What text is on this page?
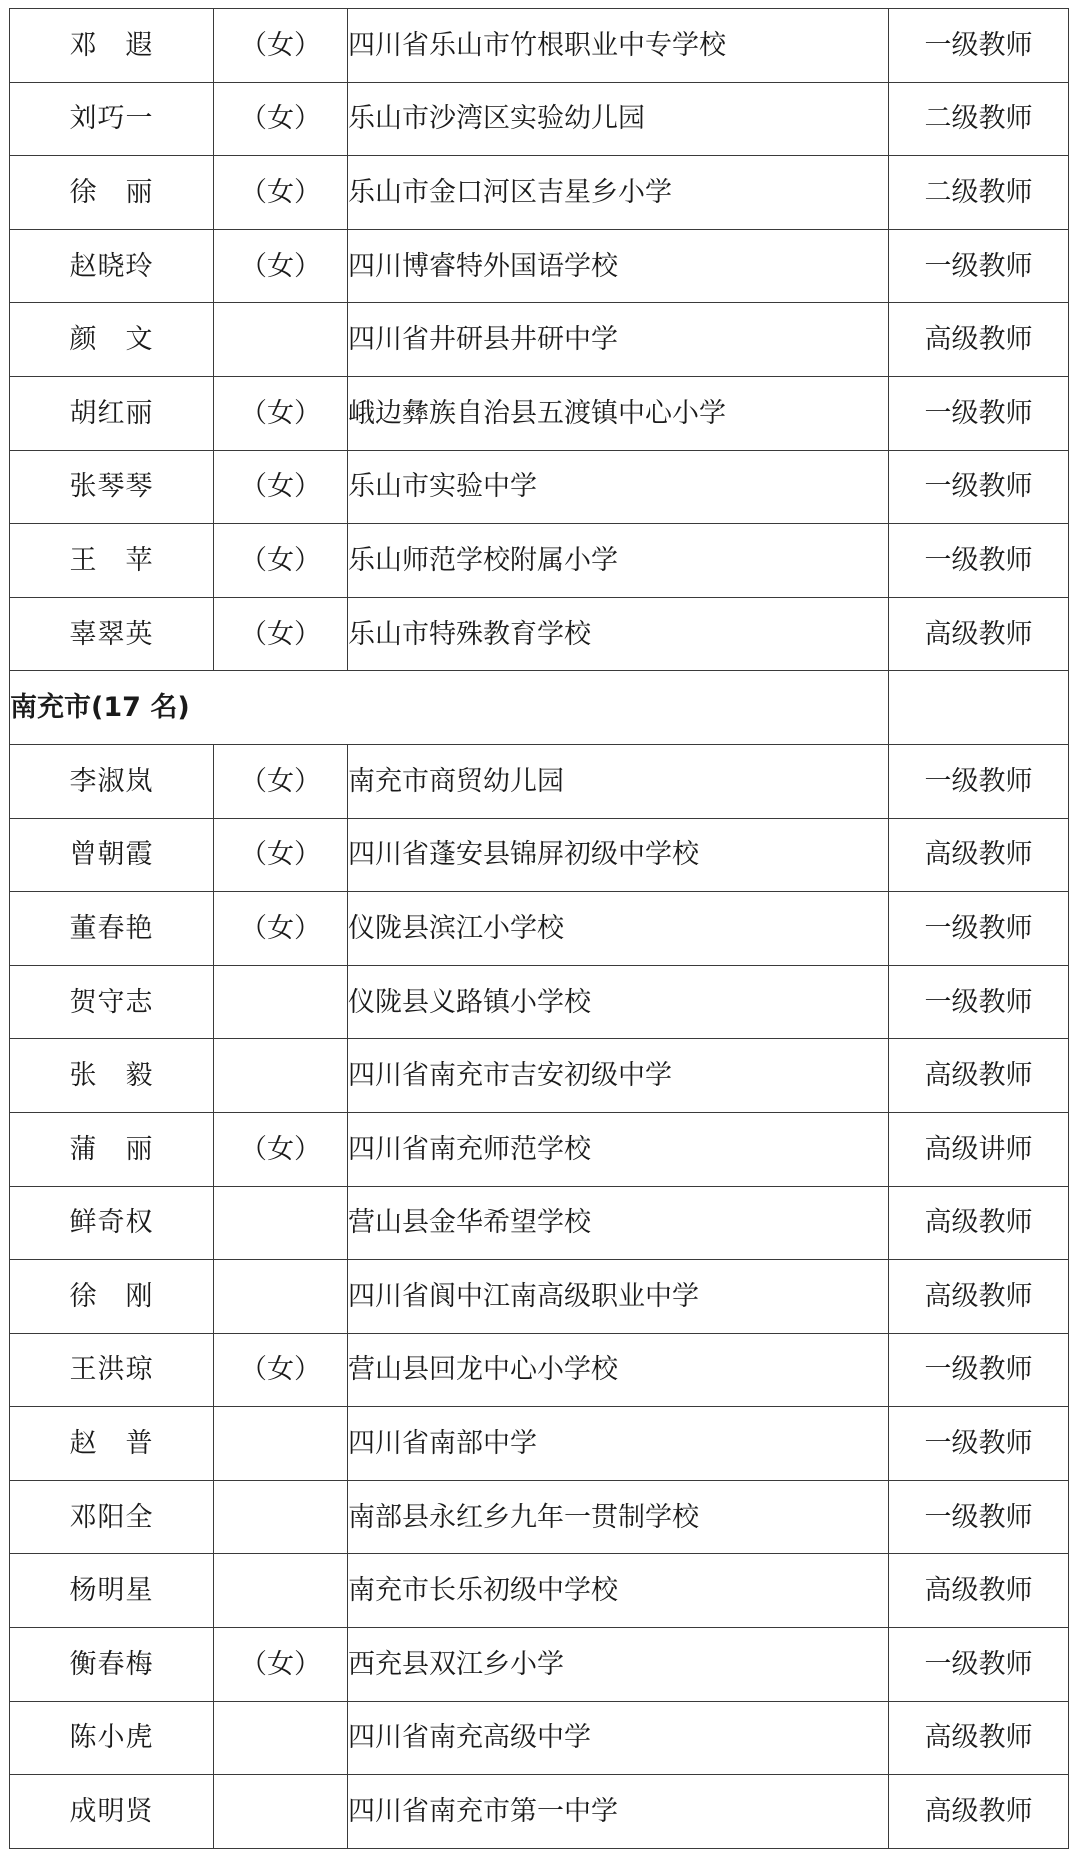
邓　遐	（女）	四川省乐山市竹根职业中专学校	一级教师
刘巧一	（女）	乐山市沙湾区实验幼儿园	二级教师
徐　丽	（女）	乐山市金口河区吉星乡小学	二级教师
赵晓玲	（女）	四川博睿特外国语学校	一级教师
颜　文		四川省井研县井研中学	高级教师
胡红丽	（女）	峨边彝族自治县五渡镇中心小学	一级教师
张琴琴	（女）	乐山市实验中学	一级教师
王　苹	（女）	乐山师范学校附属小学	一级教师
辜翠英	（女）	乐山市特殊教育学校	高级教师
南充市(17 名)			
李淑岚	（女）	南充市商贸幼儿园	一级教师
曾朝霞	（女）	四川省蓬安县锦屏初级中学校	高级教师
董春艳	（女）	仪陇县滨江小学校	一级教师
贺守志		仪陇县义路镇小学校	一级教师
张　毅		四川省南充市吉安初级中学	高级教师
蒲　丽	（女）	四川省南充师范学校	高级讲师
鲜奇权		营山县金华希望学校	高级教师
徐　刚		四川省阆中江南高级职业中学	高级教师
王洪琼	（女）	营山县回龙中心小学校	一级教师
赵　普		四川省南部中学	一级教师
邓阳全		南部县永红乡九年一贯制学校	一级教师
杨明星		南充市长乐初级中学校	高级教师
衡春梅	（女）	西充县双江乡小学	一级教师
陈小虎		四川省南充高级中学	高级教师
成明贤		四川省南充市第一中学	高级教师
